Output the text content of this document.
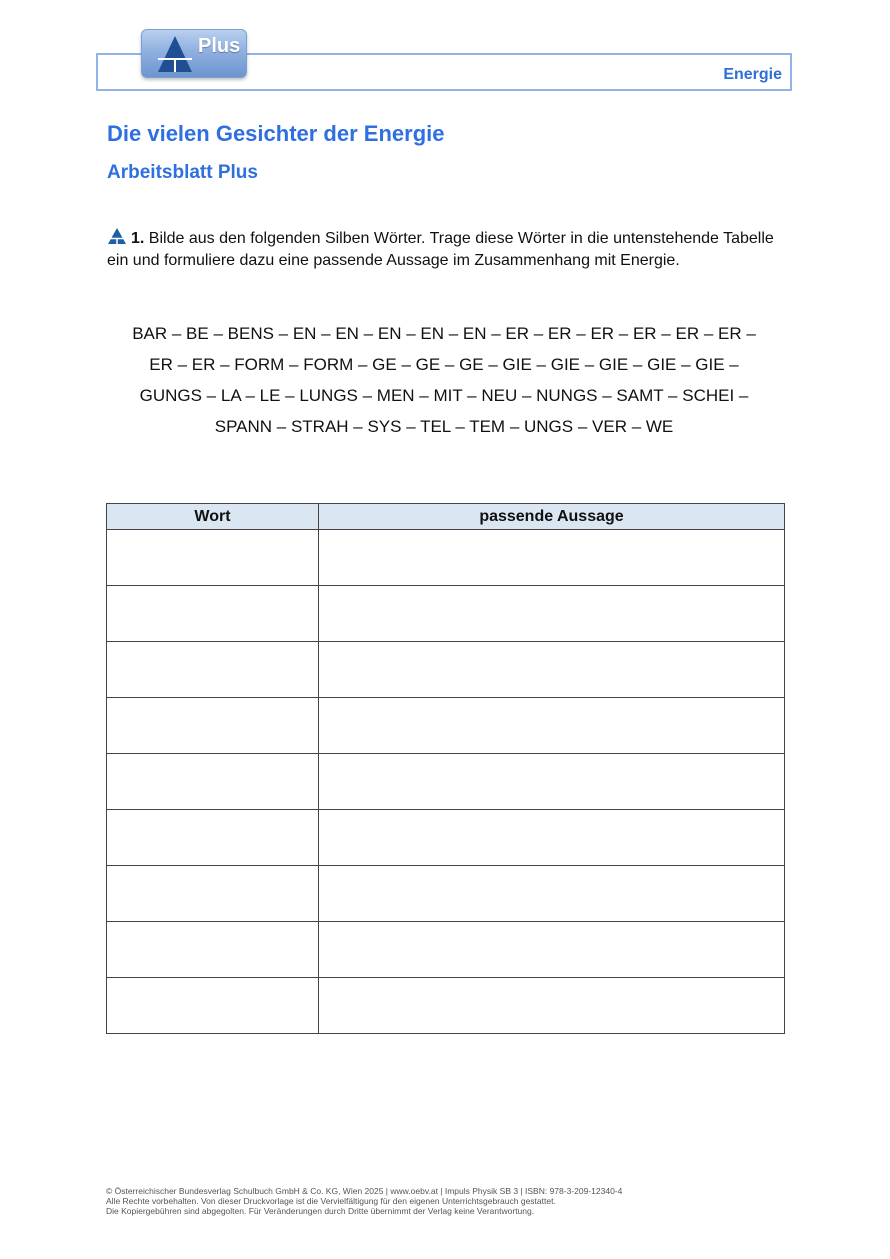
Energie
Plus
Die vielen Gesichter der Energie
Arbeitsblatt Plus
1. Bilde aus den folgenden Silben Wörter. Trage diese Wörter in die untenstehende Tabelle ein und formuliere dazu eine passende Aussage im Zusammenhang mit Energie.
BAR – BE – BENS – EN – EN – EN – EN – EN – ER – ER – ER – ER – ER – ER –
ER – ER – FORM – FORM – GE – GE – GE – GIE – GIE – GIE – GIE – GIE –
GUNGS – LA – LE – LUNGS – MEN – MIT – NEU – NUNGS – SAMT – SCHEI –
SPANN – STRAH – SYS – TEL – TEM – UNGS – VER – WE
Wort	passende Aussage

© Österreichischer Bundesverlag Schulbuch GmbH & Co. KG, Wien 2025 | www.oebv.at | Impuls Physik SB 3 | ISBN: 978-3-209-12340-4
Alle Rechte vorbehalten. Von dieser Druckvorlage ist die Vervielfältigung für den eigenen Unterrichtsgebrauch gestattet.
Die Kopiergebühren sind abgegolten. Für Veränderungen durch Dritte übernimmt der Verlag keine Verantwortung.
